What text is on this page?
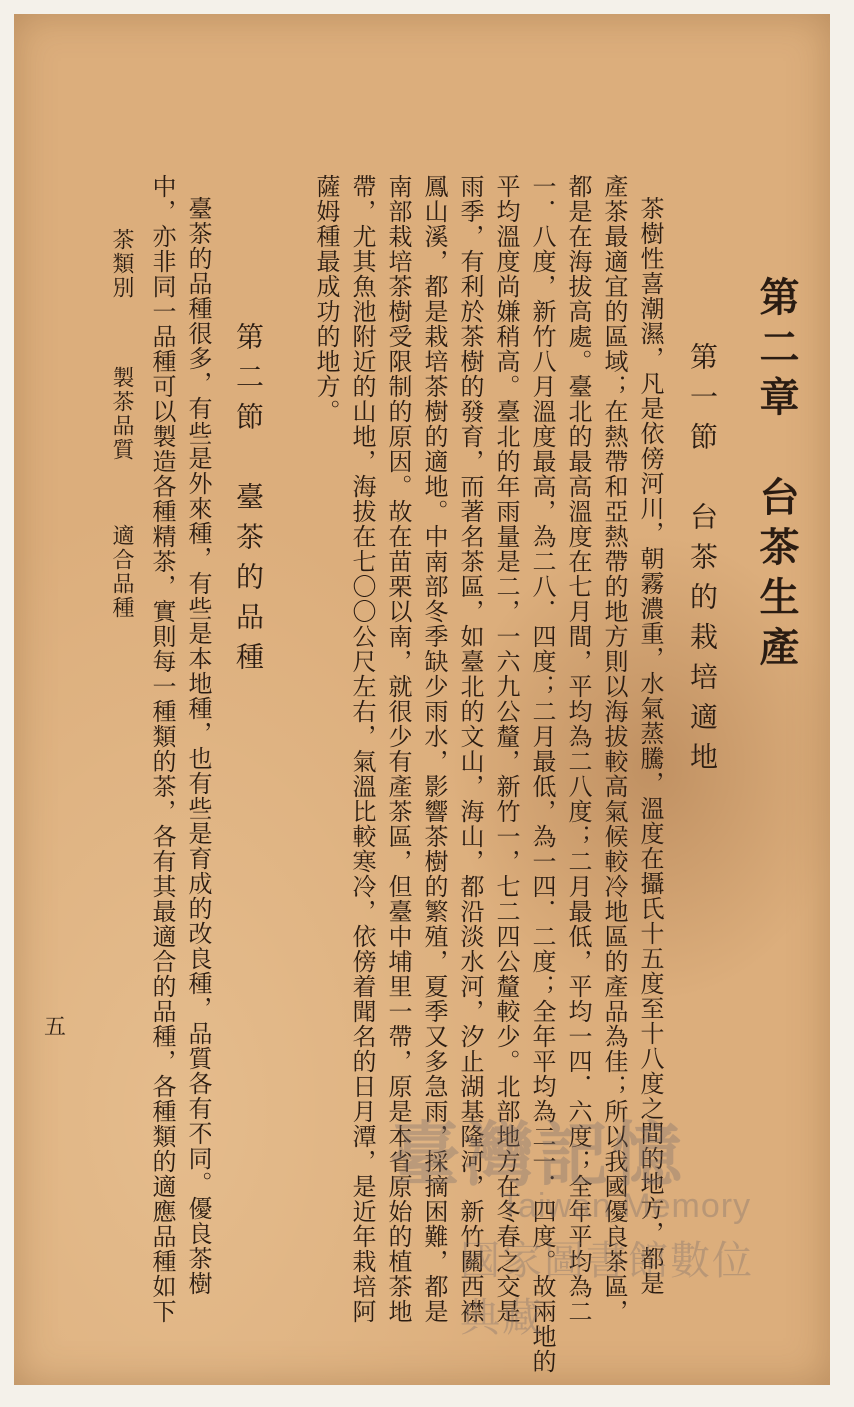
第二章　台茶生產
第一節　台茶的栽培適地
茶樹性喜潮濕，凡是依傍河川，朝霧濃重，水氣蒸騰，溫度在攝氏十五度至十八度之間的地方，都是
產茶最適宜的區域；在熱帶和亞熱帶的地方則以海拔較高氣候較冷地區的產品為佳；所以我國優良茶區，
都是在海拔高處。臺北的最高溫度在七月間，平均為二八度；二月最低，平均一四．六度；全年平均為二
一．八度，新竹八月溫度最高，為二八．四度；二月最低，為一四．二度；全年平均為二一．四度。故兩地的
平均溫度尚嫌稍高。臺北的年雨量是二，一六九公釐，新竹一，七二四公釐較少。北部地方在冬春之交是
雨季，有利於茶樹的發育，而著名茶區，如臺北的文山，海山，都沿淡水河，汐止湖基隆河，新竹關西襟
鳳山溪，都是栽培茶樹的適地。中南部冬季缺少雨水，影響茶樹的繁殖，夏季又多急雨，採摘困難，都是
南部栽培茶樹受限制的原因。故在苗栗以南，就很少有產茶區，但臺中埔里一帶，原是本省原始的植茶地
帶，尤其魚池附近的山地，海拔在七〇〇公尺左右，氣溫比較寒冷，依傍着聞名的日月潭，是近年栽培阿
薩姆種最成功的地方。
第二節　臺茶的品種
臺茶的品種很多，有些是外來種，有些是本地種，也有些是育成的改良種，品質各有不同。優良茶樹
中，亦非同一品種可以製造各種精茶，實則每一種類的茶，各有其最適合的品種，各種類的適應品種如下
茶類別
製茶品質
適合品種
五
臺灣記憶
Taiwan Memory
國家圖書館數位典藏
